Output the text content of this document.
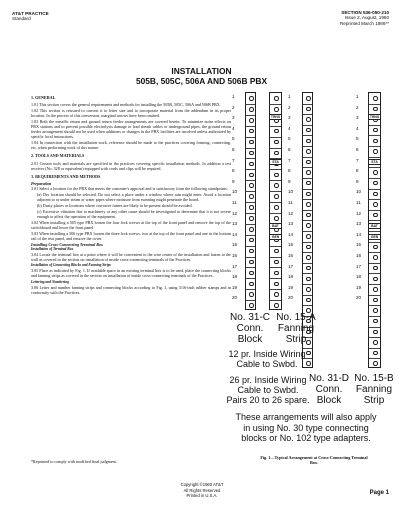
AT&T PRACTICE
Standard
SECTION 536-050-210
Issue 2, August, 1960
Reprinted March 1986**
INSTALLATION
505B, 505C, 506A AND 506B PBX
1. GENERAL

1.01 This section covers the general requirements and methods for installing the 505B, 505C, 506A and 506B PBX.

1.02 This section is reissued to convert it to letter size and to incorporate material from the addendum in its proper location. In the process of this conversion, marginal arrows have been omitted.

1.03 Both the metallic return and ground return feeder arrangements are covered herein. To minimize noise effects on PBX stations and to prevent possible electrolysis damage to lead sheath cables or underground pipes, the ground return feeder arrangement should not be used when additions or changes in the PBX facilities are involved unless authorized by specific local instructions.

1.04 In connection with the installation work, reference should be made to the practices covering forming, connecting, etc, when performing work of this nature.

2. TOOLS AND MATERIALS

2.01 Certain tools and materials are specified in the practices covering specific installation methods. In addition a test receiver (No. 328 or equivalent) equipped with cords and clips will be required.

3. REQUIREMENTS AND METHODS
Preparation

3.01 Select a location for the PBX that meets the customer's approval and is satisfactory from the following standpoints:

(a) Dry location should be selected. Do not select a place under a window where rain might enter. Avoid a location adjacent to or under steam or water pipes where moisture from sweating might penetrate the board.

(b) Dusty places or locations where corrosive fumes are likely to be present should be avoided.

(c) Excessive vibration due to machinery or any other cause should be investigated to determine that it is not severe enough to affect the operation of the equipment.

3.02 When installing a 505 type PBX loosen the four lock screws at the top of the front panel and remove the top of the switchboard and lower the front panel.

3.03 When installing a 506 type PBX loosen the three lock screws, two at the top of the front panel and one in the bottom rail of the rear panel, and remove the cover.

Installing Cross-Connecting Terminal Box
Installation of Terminal Box

3.04 Locate the terminal box at a point where it will be convenient to the wire center of the installation and fasten to the wall as covered in the section on installation of inside cross-connecting terminals of the Practices.

Installation of Connecting Blocks and Fanning Strips

3.05 Place as indicated by Fig. 1. If available space in an existing terminal box is to be used, place the connecting blocks and fanning strips as covered in the section on installation of inside cross-connecting terminals of the Practices.

Lettering and Numbering

3.06 Letter and number fanning strips and connecting blocks according to Fig. 1, using 3/16-inch rubber stamps and in conformity with the Practices.

*Reprinted to comply with modified final judgment.
TRNS
STA
BAT
GEN
TRNS
STA
BAT
GEN
No. 31-C
Conn.
Block
No. 15-A
Fanning
Strip
12 pr. Inside Wiring
Cable to Swbd.
26 pr. Inside Wiring
Cable to Swbd.
Pairs 20 to 26 spare.
No. 31-D
Conn.
Block
No. 15-B
Fanning
Strip
These arrangements will also apply
in using No. 30 type connecting
blocks or No. 102 type adapters.
1	1	1
2	2	2
3	3	3
4	4	4
5	5	5
6	6	6
7	7	7
8	8	8
9	9	9
10	10	10
11	11	11
12	12	12
13	13	13
14	14	14
15	15	15
16	16	16
17	17	17
18	18	18
19	19	19
20	20	20
Fig. 1—Typical Arrangement at Cross-Connecting Terminal
Box.
Copyright ©1960 AT&T
All Rights Reserved
Printed in U.S.A.	Page 1
